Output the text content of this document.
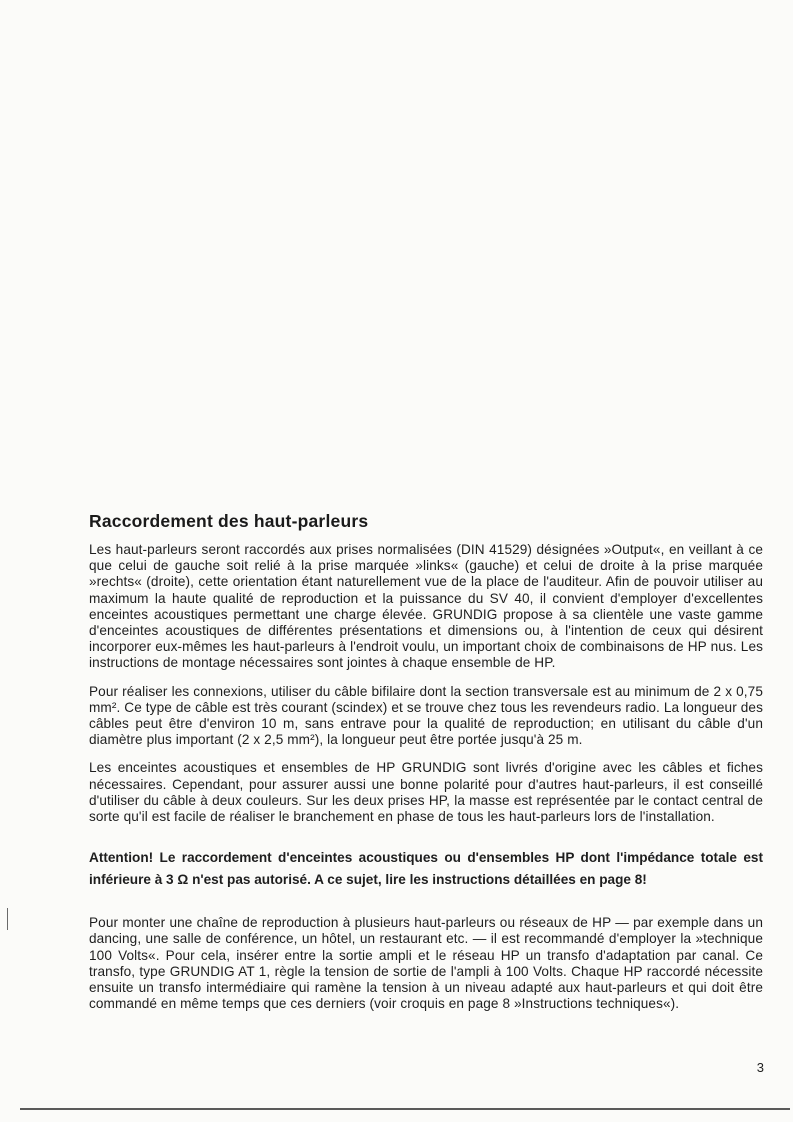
Raccordement des haut-parleurs

Les haut-parleurs seront raccordés aux prises normalisées (DIN 41529) désignées »Output«, en veillant à ce que celui de gauche soit relié à la prise marquée »links« (gauche) et celui de droite à la prise marquée »rechts« (droite), cette orientation étant naturellement vue de la place de l'auditeur. Afin de pouvoir utiliser au maximum la haute qualité de reproduction et la puissance du SV 40, il convient d'employer d'excellentes enceintes acoustiques permettant une charge élevée. GRUNDIG propose à sa clientèle une vaste gamme d'enceintes acoustiques de différentes présentations et dimensions ou, à l'intention de ceux qui désirent incorporer eux-mêmes les haut-parleurs à l'endroit voulu, un important choix de combinaisons de HP nus. Les instructions de montage nécessaires sont jointes à chaque ensemble de HP.

Pour réaliser les connexions, utiliser du câble bifilaire dont la section transversale est au minimum de 2 x 0,75 mm². Ce type de câble est très courant (scindex) et se trouve chez tous les revendeurs radio. La longueur des câbles peut être d'environ 10 m, sans entrave pour la qualité de reproduction; en utilisant du câble d'un diamètre plus important (2 x 2,5 mm²), la longueur peut être portée jusqu'à 25 m.

Les enceintes acoustiques et ensembles de HP GRUNDIG sont livrés d'origine avec les câbles et fiches nécessaires. Cependant, pour assurer aussi une bonne polarité pour d'autres haut-parleurs, il est conseillé d'utiliser du câble à deux couleurs. Sur les deux prises HP, la masse est représentée par le contact central de sorte qu'il est facile de réaliser le branchement en phase de tous les haut-parleurs lors de l'installation.

Attention! Le raccordement d'enceintes acoustiques ou d'ensembles HP dont l'impédance totale est inférieure à 3 Ω n'est pas autorisé. A ce sujet, lire les instructions détaillées en page 8!

Pour monter une chaîne de reproduction à plusieurs haut-parleurs ou réseaux de HP — par exemple dans un dancing, une salle de conférence, un hôtel, un restaurant etc. — il est recommandé d'employer la »technique 100 Volts«. Pour cela, insérer entre la sortie ampli et le réseau HP un transfo d'adaptation par canal. Ce transfo, type GRUNDIG AT 1, règle la tension de sortie de l'ampli à 100 Volts. Chaque HP raccordé nécessite ensuite un transfo intermédiaire qui ramène la tension à un niveau adapté aux haut-parleurs et qui doit être commandé en même temps que ces derniers (voir croquis en page 8 »Instructions techniques«).

3
